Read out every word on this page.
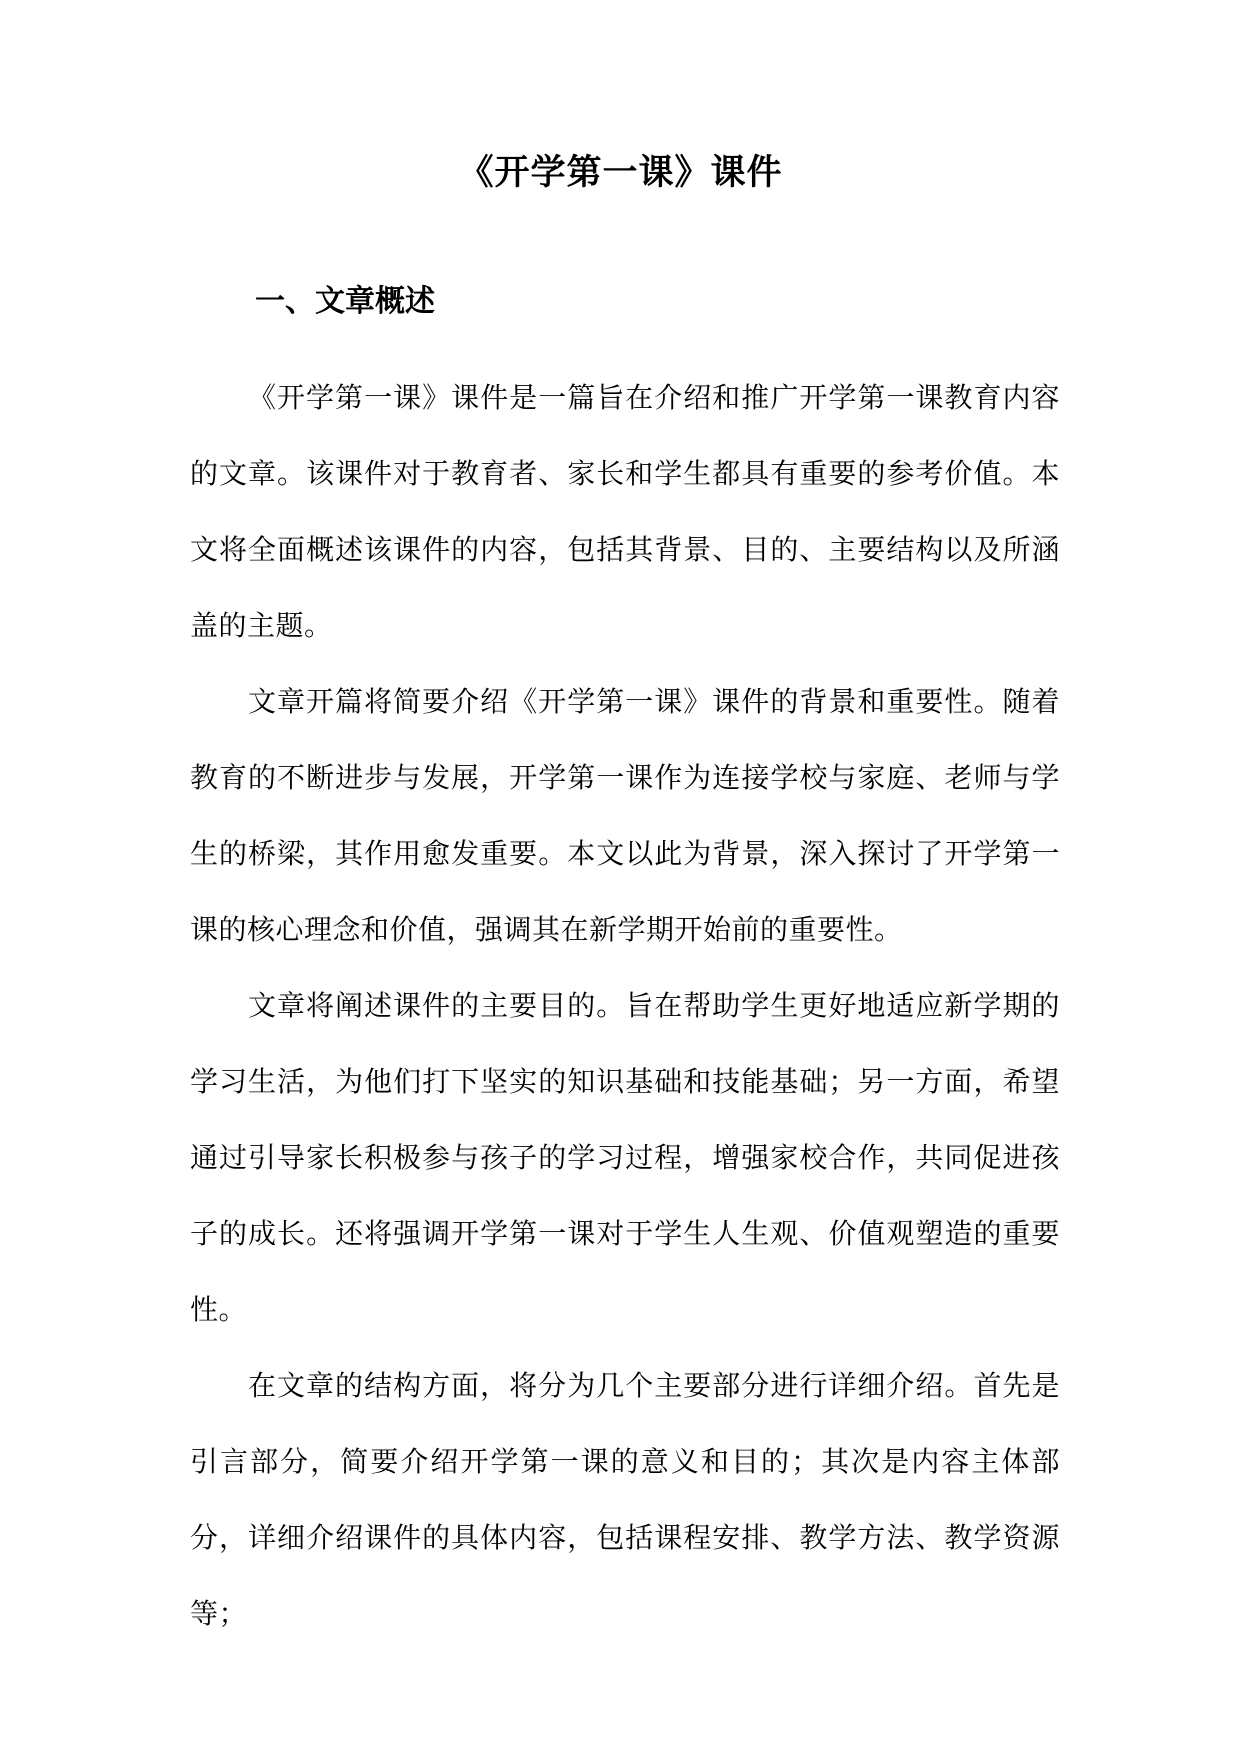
《开学第一课》课件
一、文章概述

《开学第一课》课件是一篇旨在介绍和推广开学第一课教育内容的文章。该课件对于教育者、家长和学生都具有重要的参考价值。本文将全面概述该课件的内容，包括其背景、目的、主要结构以及所涵盖的主题。

文章开篇将简要介绍《开学第一课》课件的背景和重要性。随着教育的不断进步与发展，开学第一课作为连接学校与家庭、老师与学生的桥梁，其作用愈发重要。本文以此为背景，深入探讨了开学第一课的核心理念和价值，强调其在新学期开始前的重要性。

文章将阐述课件的主要目的。旨在帮助学生更好地适应新学期的学习生活，为他们打下坚实的知识基础和技能基础；另一方面，希望通过引导家长积极参与孩子的学习过程，增强家校合作，共同促进孩子的成长。还将强调开学第一课对于学生人生观、价值观塑造的重要性。

在文章的结构方面，将分为几个主要部分进行详细介绍。首先是引言部分，简要介绍开学第一课的意义和目的；其次是内容主体部分，详细介绍课件的具体内容，包括课程安排、教学方法、教学资源等；
